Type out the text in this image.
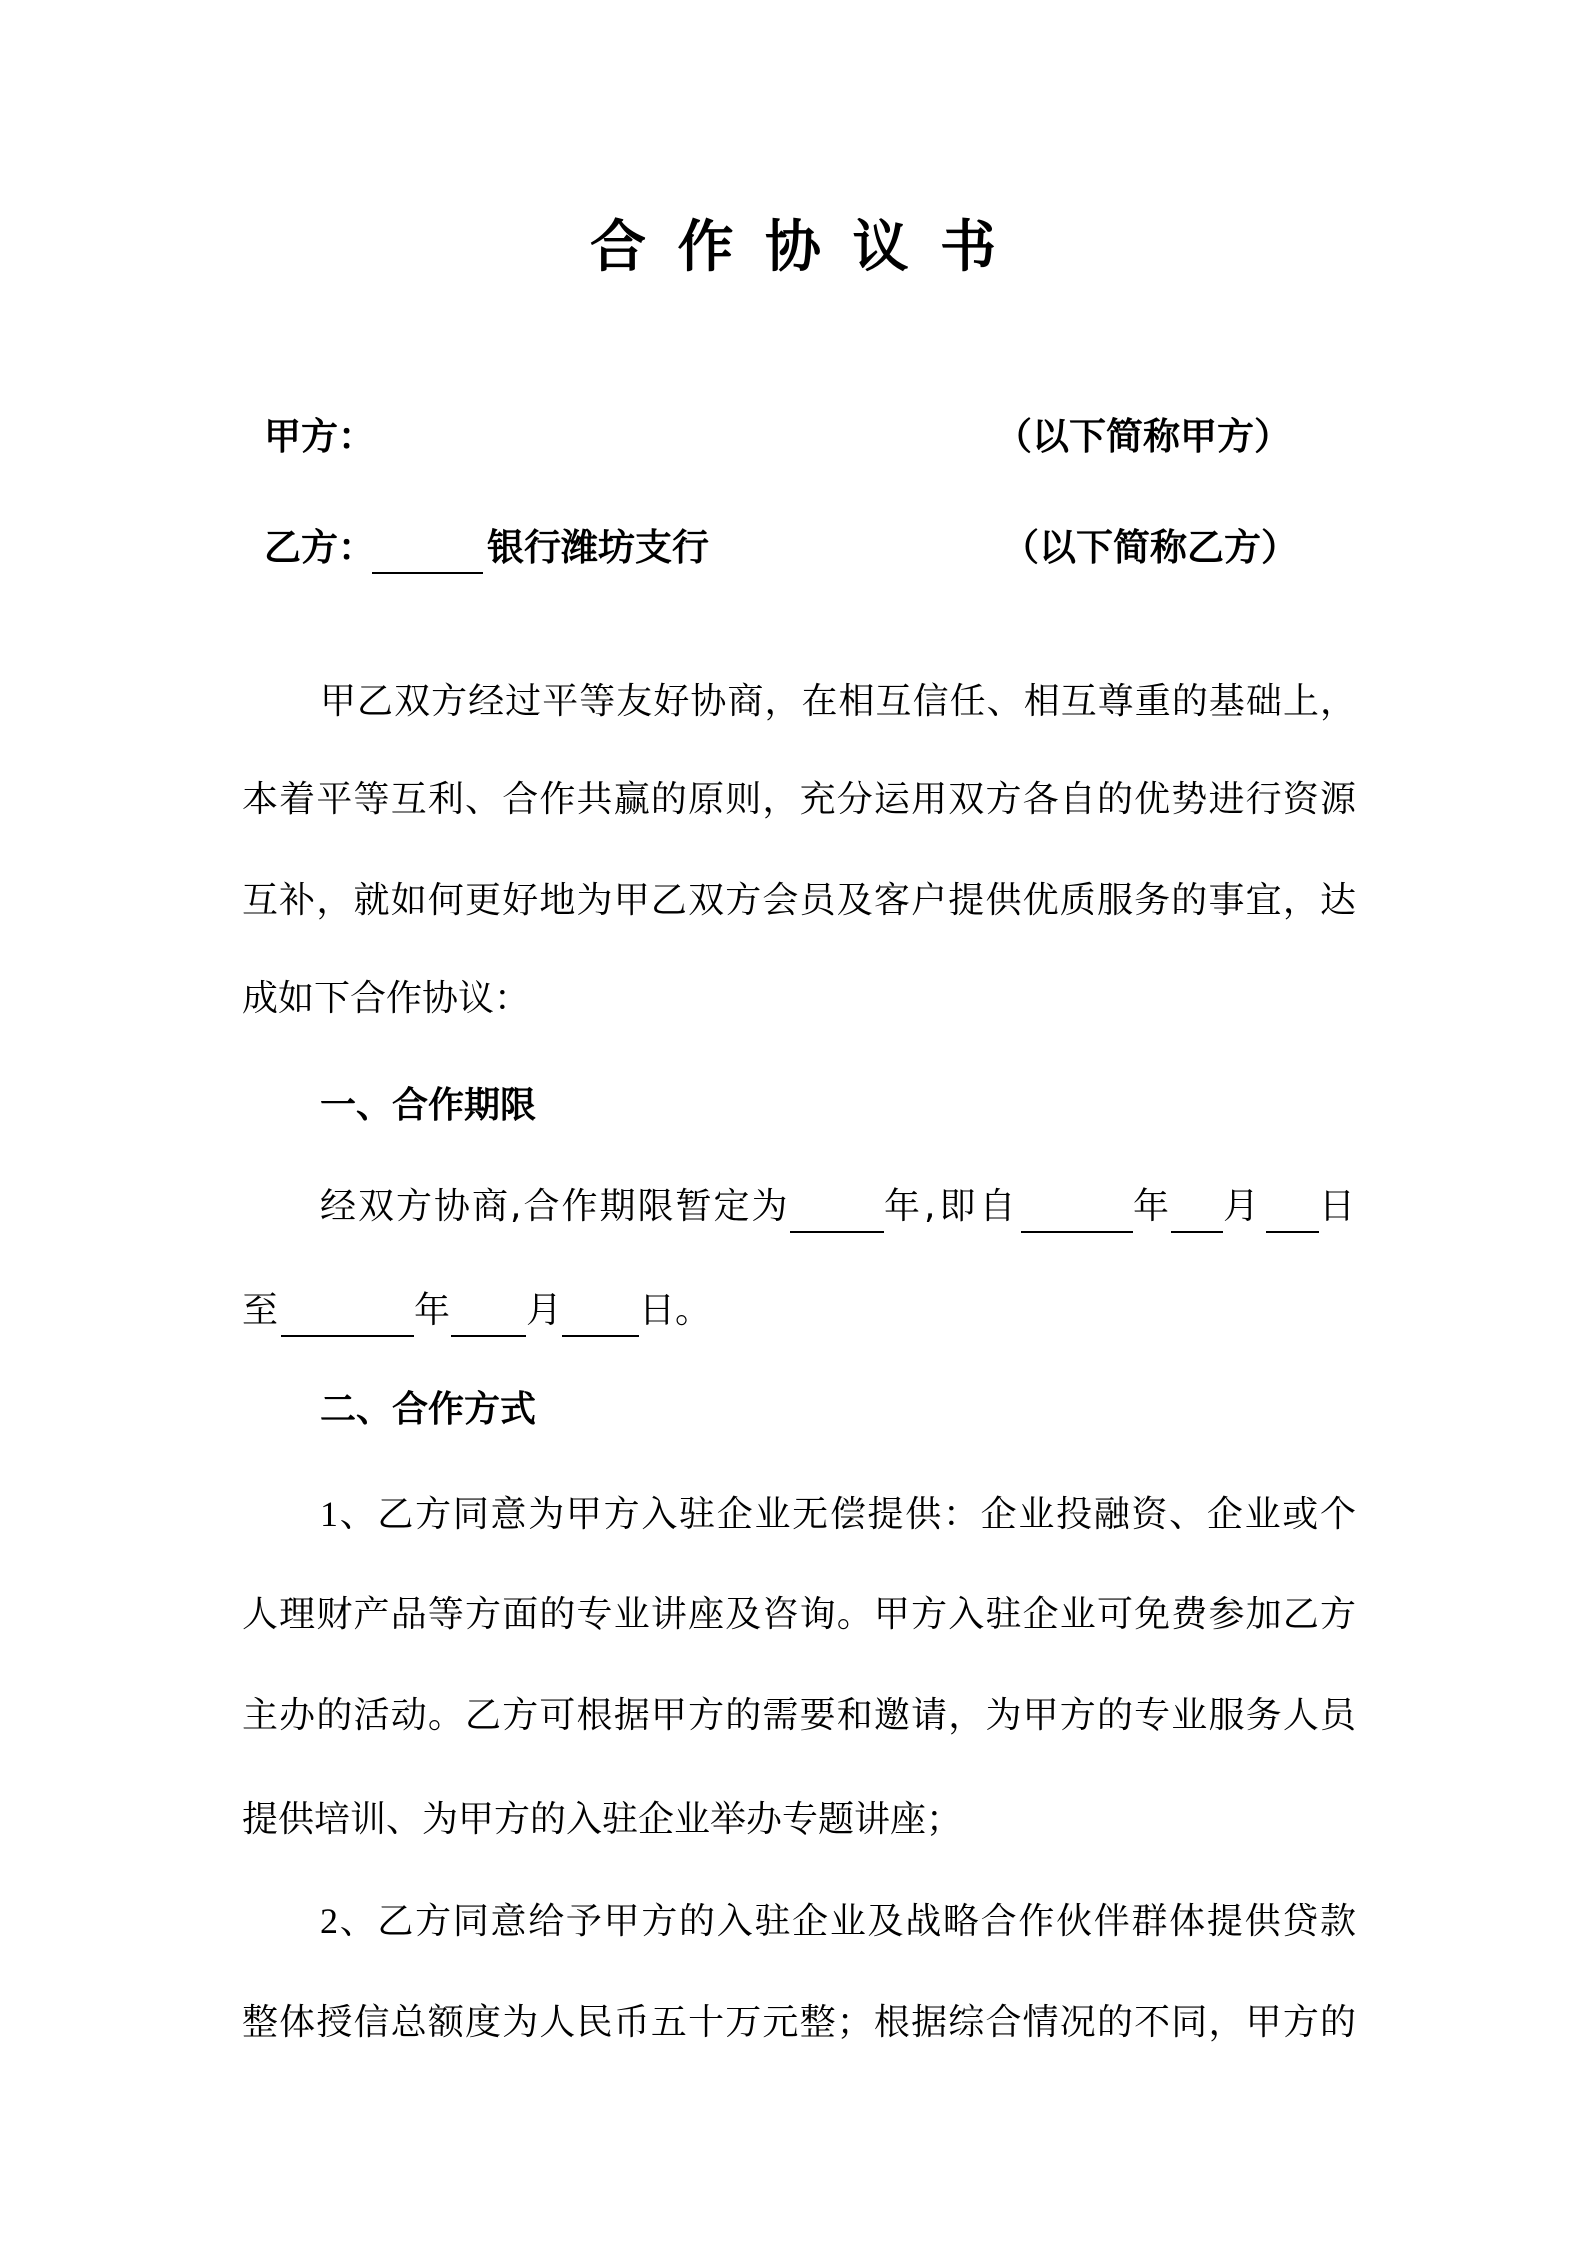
合 作 协 议 书
甲方：	（以下简称甲方）
乙方：	银行潍坊支行	（以下简称乙方）
甲乙双方经过平等友好协商，在相互信任、相互尊重的基础上，
本着平等互利、合作共赢的原则，充分运用双方各自的优势进行资源
互补，就如何更好地为甲乙双方会员及客户提供优质服务的事宜，达
成如下合作协议：
一、合作期限
经双方协商,合作期限暂定为	年,即自	年 月 日
至	年 月 日。
二、合作方式
1、乙方同意为甲方入驻企业无偿提供：企业投融资、企业或个
人理财产品等方面的专业讲座及咨询。甲方入驻企业可免费参加乙方
主办的活动。乙方可根据甲方的需要和邀请，为甲方的专业服务人员
提供培训、为甲方的入驻企业举办专题讲座；
2、乙方同意给予甲方的入驻企业及战略合作伙伴群体提供贷款
整体授信总额度为人民币五十万元整；根据综合情况的不同，甲方的
